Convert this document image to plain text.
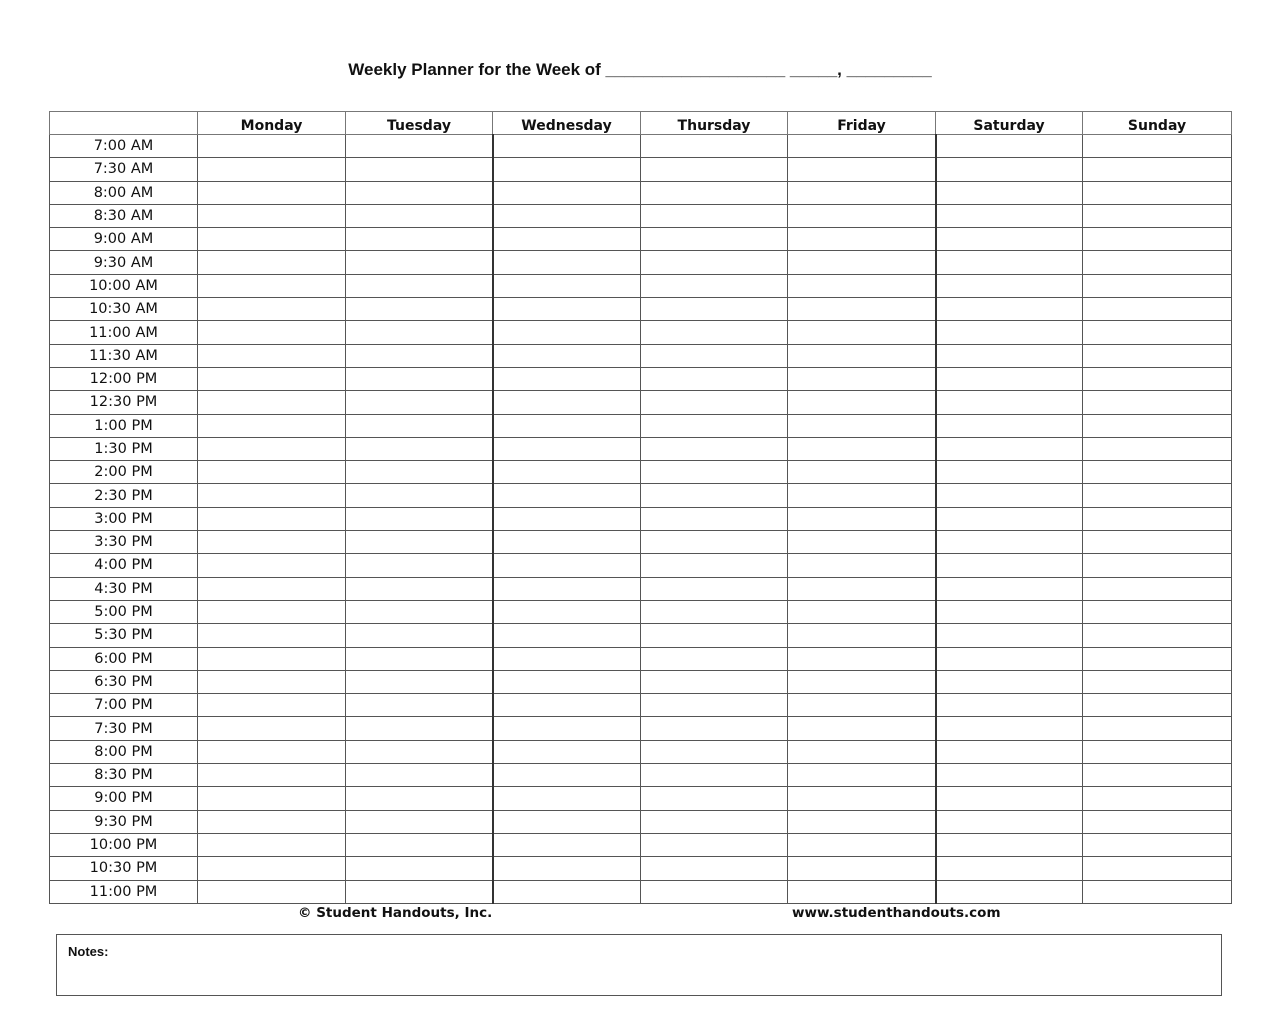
Weekly Planner for the Week of ___________________ _____, _________
	Monday	Tuesday	Wednesday	Thursday	Friday	Saturday	Sunday
7:00 AM							
7:30 AM							
8:00 AM							
8:30 AM							
9:00 AM							
9:30 AM							
10:00 AM							
10:30 AM							
11:00 AM							
11:30 AM							
12:00 PM							
12:30 PM							
1:00 PM							
1:30 PM							
2:00 PM							
2:30 PM							
3:00 PM							
3:30 PM							
4:00 PM							
4:30 PM							
5:00 PM							
5:30 PM							
6:00 PM							
6:30 PM							
7:00 PM							
7:30 PM							
8:00 PM							
8:30 PM							
9:00 PM							
9:30 PM							
10:00 PM							
10:30 PM							
11:00 PM							
© Student Handouts, Inc.	www.studenthandouts.com
Notes:
